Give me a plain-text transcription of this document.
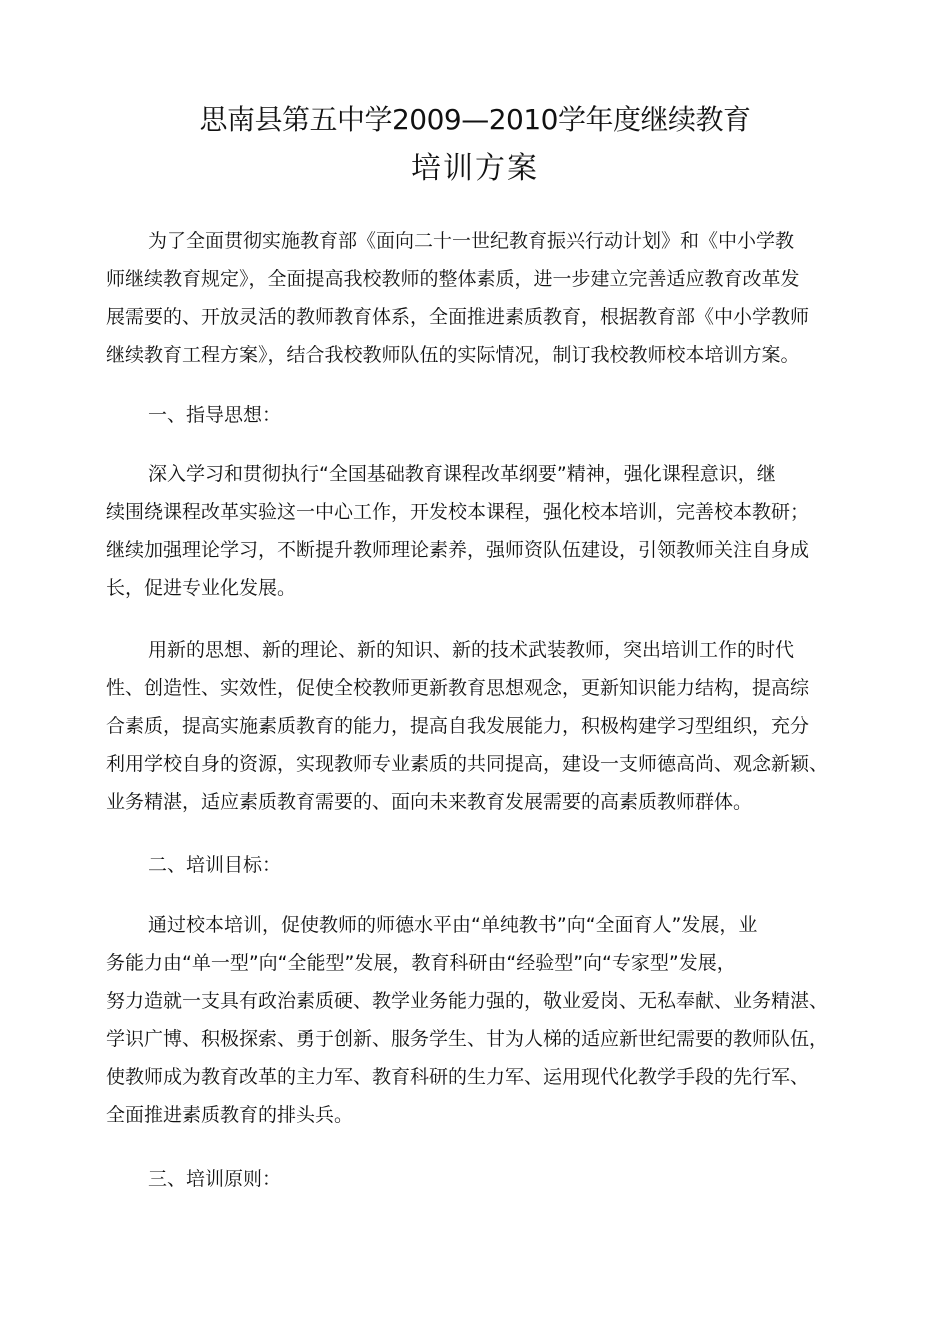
思南县第五中学2009—2010学年度继续教育
培训方案
为了全面贯彻实施教育部《面向二十一世纪教育振兴行动计划》和《中小学教
师继续教育规定》，全面提高我校教师的整体素质，进一步建立完善适应教育改革发
展需要的、开放灵活的教师教育体系，全面推进素质教育，根据教育部《中小学教师
继续教育工程方案》，结合我校教师队伍的实际情况，制订我校教师校本培训方案。
一、指导思想：
深入学习和贯彻执行“全国基础教育课程改革纲要”精神，强化课程意识，继
续围绕课程改革实验这一中心工作，开发校本课程，强化校本培训，完善校本教研；
继续加强理论学习，不断提升教师理论素养，强师资队伍建设，引领教师关注自身成
长，促进专业化发展。
用新的思想、新的理论、新的知识、新的技术武装教师，突出培训工作的时代
性、创造性、实效性，促使全校教师更新教育思想观念，更新知识能力结构，提高综
合素质，提高实施素质教育的能力，提高自我发展能力，积极构建学习型组织，充分
利用学校自身的资源，实现教师专业素质的共同提高，建设一支师德高尚、观念新颖、
业务精湛，适应素质教育需要的、面向未来教育发展需要的高素质教师群体。
二、培训目标：
通过校本培训，促使教师的师德水平由“单纯教书”向“全面育人”发展，业
务能力由“单一型”向“全能型”发展，教育科研由“经验型”向“专家型”发展，
努力造就一支具有政治素质硬、教学业务能力强的，敬业爱岗、无私奉献、业务精湛、
学识广博、积极探索、勇于创新、服务学生、甘为人梯的适应新世纪需要的教师队伍，
使教师成为教育改革的主力军、教育科研的生力军、运用现代化教学手段的先行军、
全面推进素质教育的排头兵。
三、培训原则：
